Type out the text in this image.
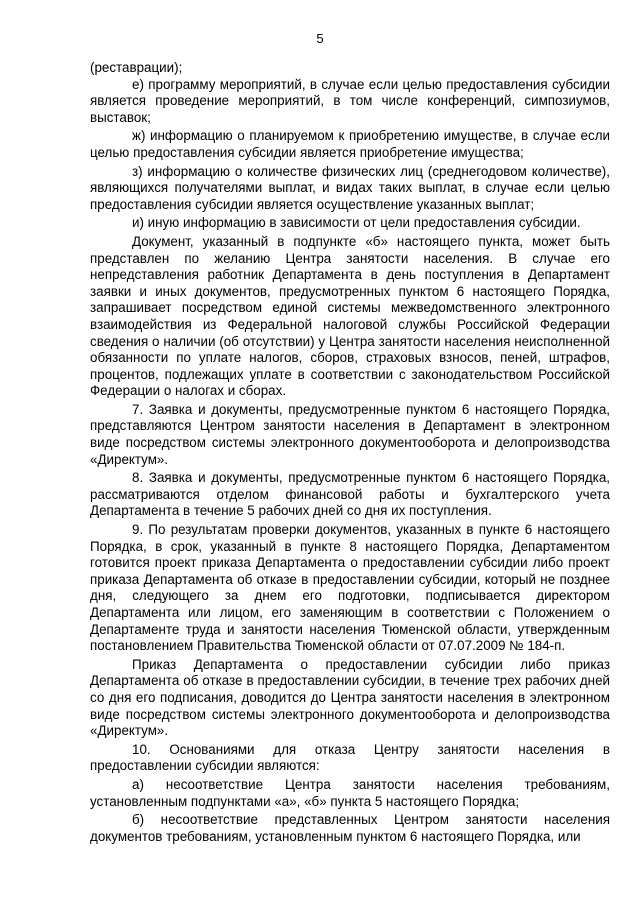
5

(реставрации);

е) программу мероприятий, в случае если целью предоставления субсидии является проведение мероприятий, в том числе конференций, симпозиумов, выставок;

ж) информацию о планируемом к приобретению имуществе, в случае если целью предоставления субсидии является приобретение имущества;

з) информацию о количестве физических лиц (среднегодовом количестве), являющихся получателями выплат, и видах таких выплат, в случае если целью предоставления субсидии является осуществление указанных выплат;

и) иную информацию в зависимости от цели предоставления субсидии.

Документ, указанный в подпункте «б» настоящего пункта, может быть представлен по желанию Центра занятости населения. В случае его непредставления работник Департамента в день поступления в Департамент заявки и иных документов, предусмотренных пунктом 6 настоящего Порядка, запрашивает посредством единой системы межведомственного электронного взаимодействия из Федеральной налоговой службы Российской Федерации сведения о наличии (об отсутствии) у Центра занятости населения неисполненной обязанности по уплате налогов, сборов, страховых взносов, пеней, штрафов, процентов, подлежащих уплате в соответствии с законодательством Российской Федерации о налогах и сборах.

7. Заявка и документы, предусмотренные пунктом 6 настоящего Порядка, представляются Центром занятости населения в Департамент в электронном виде посредством системы электронного документооборота и делопроизводства «Директум».

8. Заявка и документы, предусмотренные пунктом 6 настоящего Порядка, рассматриваются отделом финансовой работы и бухгалтерского учета Департамента в течение 5 рабочих дней со дня их поступления.

9. По результатам проверки документов, указанных в пункте 6 настоящего Порядка, в срок, указанный в пункте 8 настоящего Порядка, Департаментом готовится проект приказа Департамента о предоставлении субсидии либо проект приказа Департамента об отказе в предоставлении субсидии, который не позднее дня, следующего за днем его подготовки, подписывается директором Департамента или лицом, его заменяющим в соответствии с Положением о Департаменте труда и занятости населения Тюменской области, утвержденным постановлением Правительства Тюменской области от 07.07.2009 № 184-п.

Приказ Департамента о предоставлении субсидии либо приказ Департамента об отказе в предоставлении субсидии, в течение трех рабочих дней со дня его подписания, доводится до Центра занятости населения в электронном виде посредством системы электронного документооборота и делопроизводства «Директум».

10. Основаниями для отказа Центру занятости населения в предоставлении субсидии являются:

а) несоответствие Центра занятости населения требованиям, установленным подпунктами «а», «б» пункта 5 настоящего Порядка;

б) несоответствие представленных Центром занятости населения документов требованиям, установленным пунктом 6 настоящего Порядка, или
